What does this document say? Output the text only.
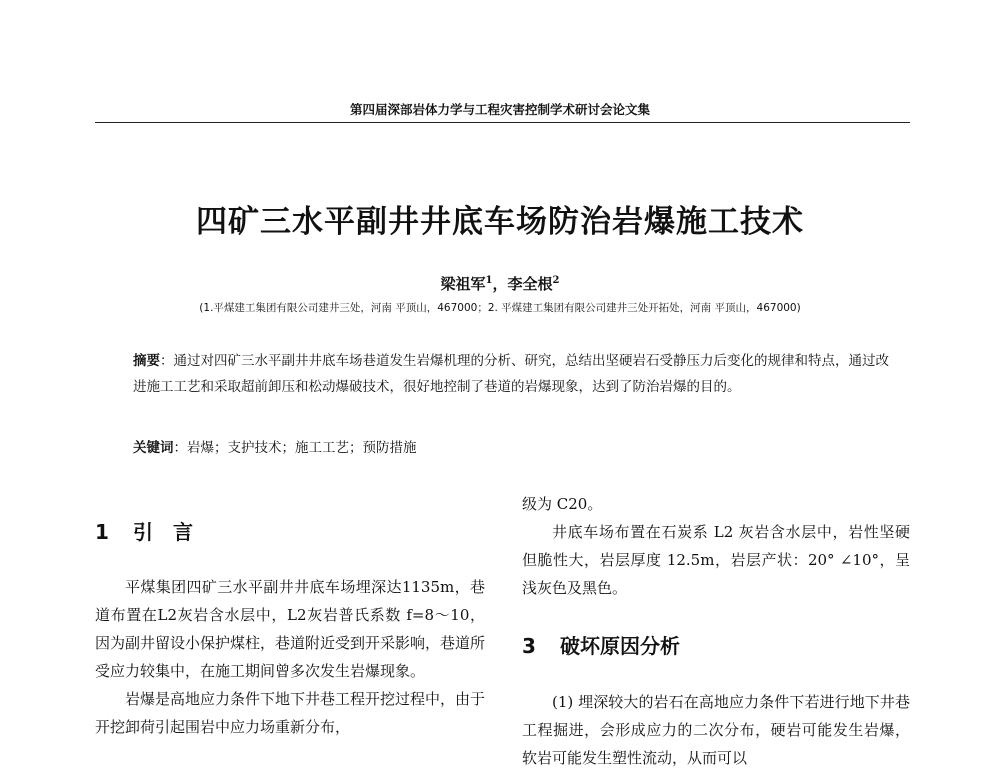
第四届深部岩体力学与工程灾害控制学术研讨会论文集
四矿三水平副井井底车场防治岩爆施工技术
梁祖军$^1$，李全根$^2$
(1.平煤建工集团有限公司建井三处，河南 平顶山，467000；2. 平煤建工集团有限公司建井三处开拓处，河南 平顶山，467000)
摘要：通过对四矿三水平副井井底车场巷道发生岩爆机理的分析、研究，总结出坚硬岩石受静压力后变化的规律和特点，通过改进施工工艺和采取超前卸压和松动爆破技术，很好地控制了巷道的岩爆现象，达到了防治岩爆的目的。
关键词：岩爆；支护技术；施工工艺；预防措施
1 引　言

平煤集团四矿三水平副井井底车场埋深达1135m，巷道布置在L2灰岩含水层中，L2灰岩普氏系数 f=8～10，因为副井留设小保护煤柱，巷道附近受到开采影响，巷道所受应力较集中，在施工期间曾多次发生岩爆现象。

岩爆是高地应力条件下地下井巷工程开挖过程中，由于开挖卸荷引起围岩中应力场重新分布，

级为 C20。

井底车场布置在石炭系 L2 灰岩含水层中，岩性坚硬但脆性大，岩层厚度 12.5m，岩层产状：20° ∠10°，呈浅灰色及黑色。

3 破坏原因分析

(1) 埋深较大的岩石在高地应力条件下若进行地下井巷工程掘进，会形成应力的二次分布，硬岩可能发生岩爆，软岩可能发生塑性流动，从而可以
